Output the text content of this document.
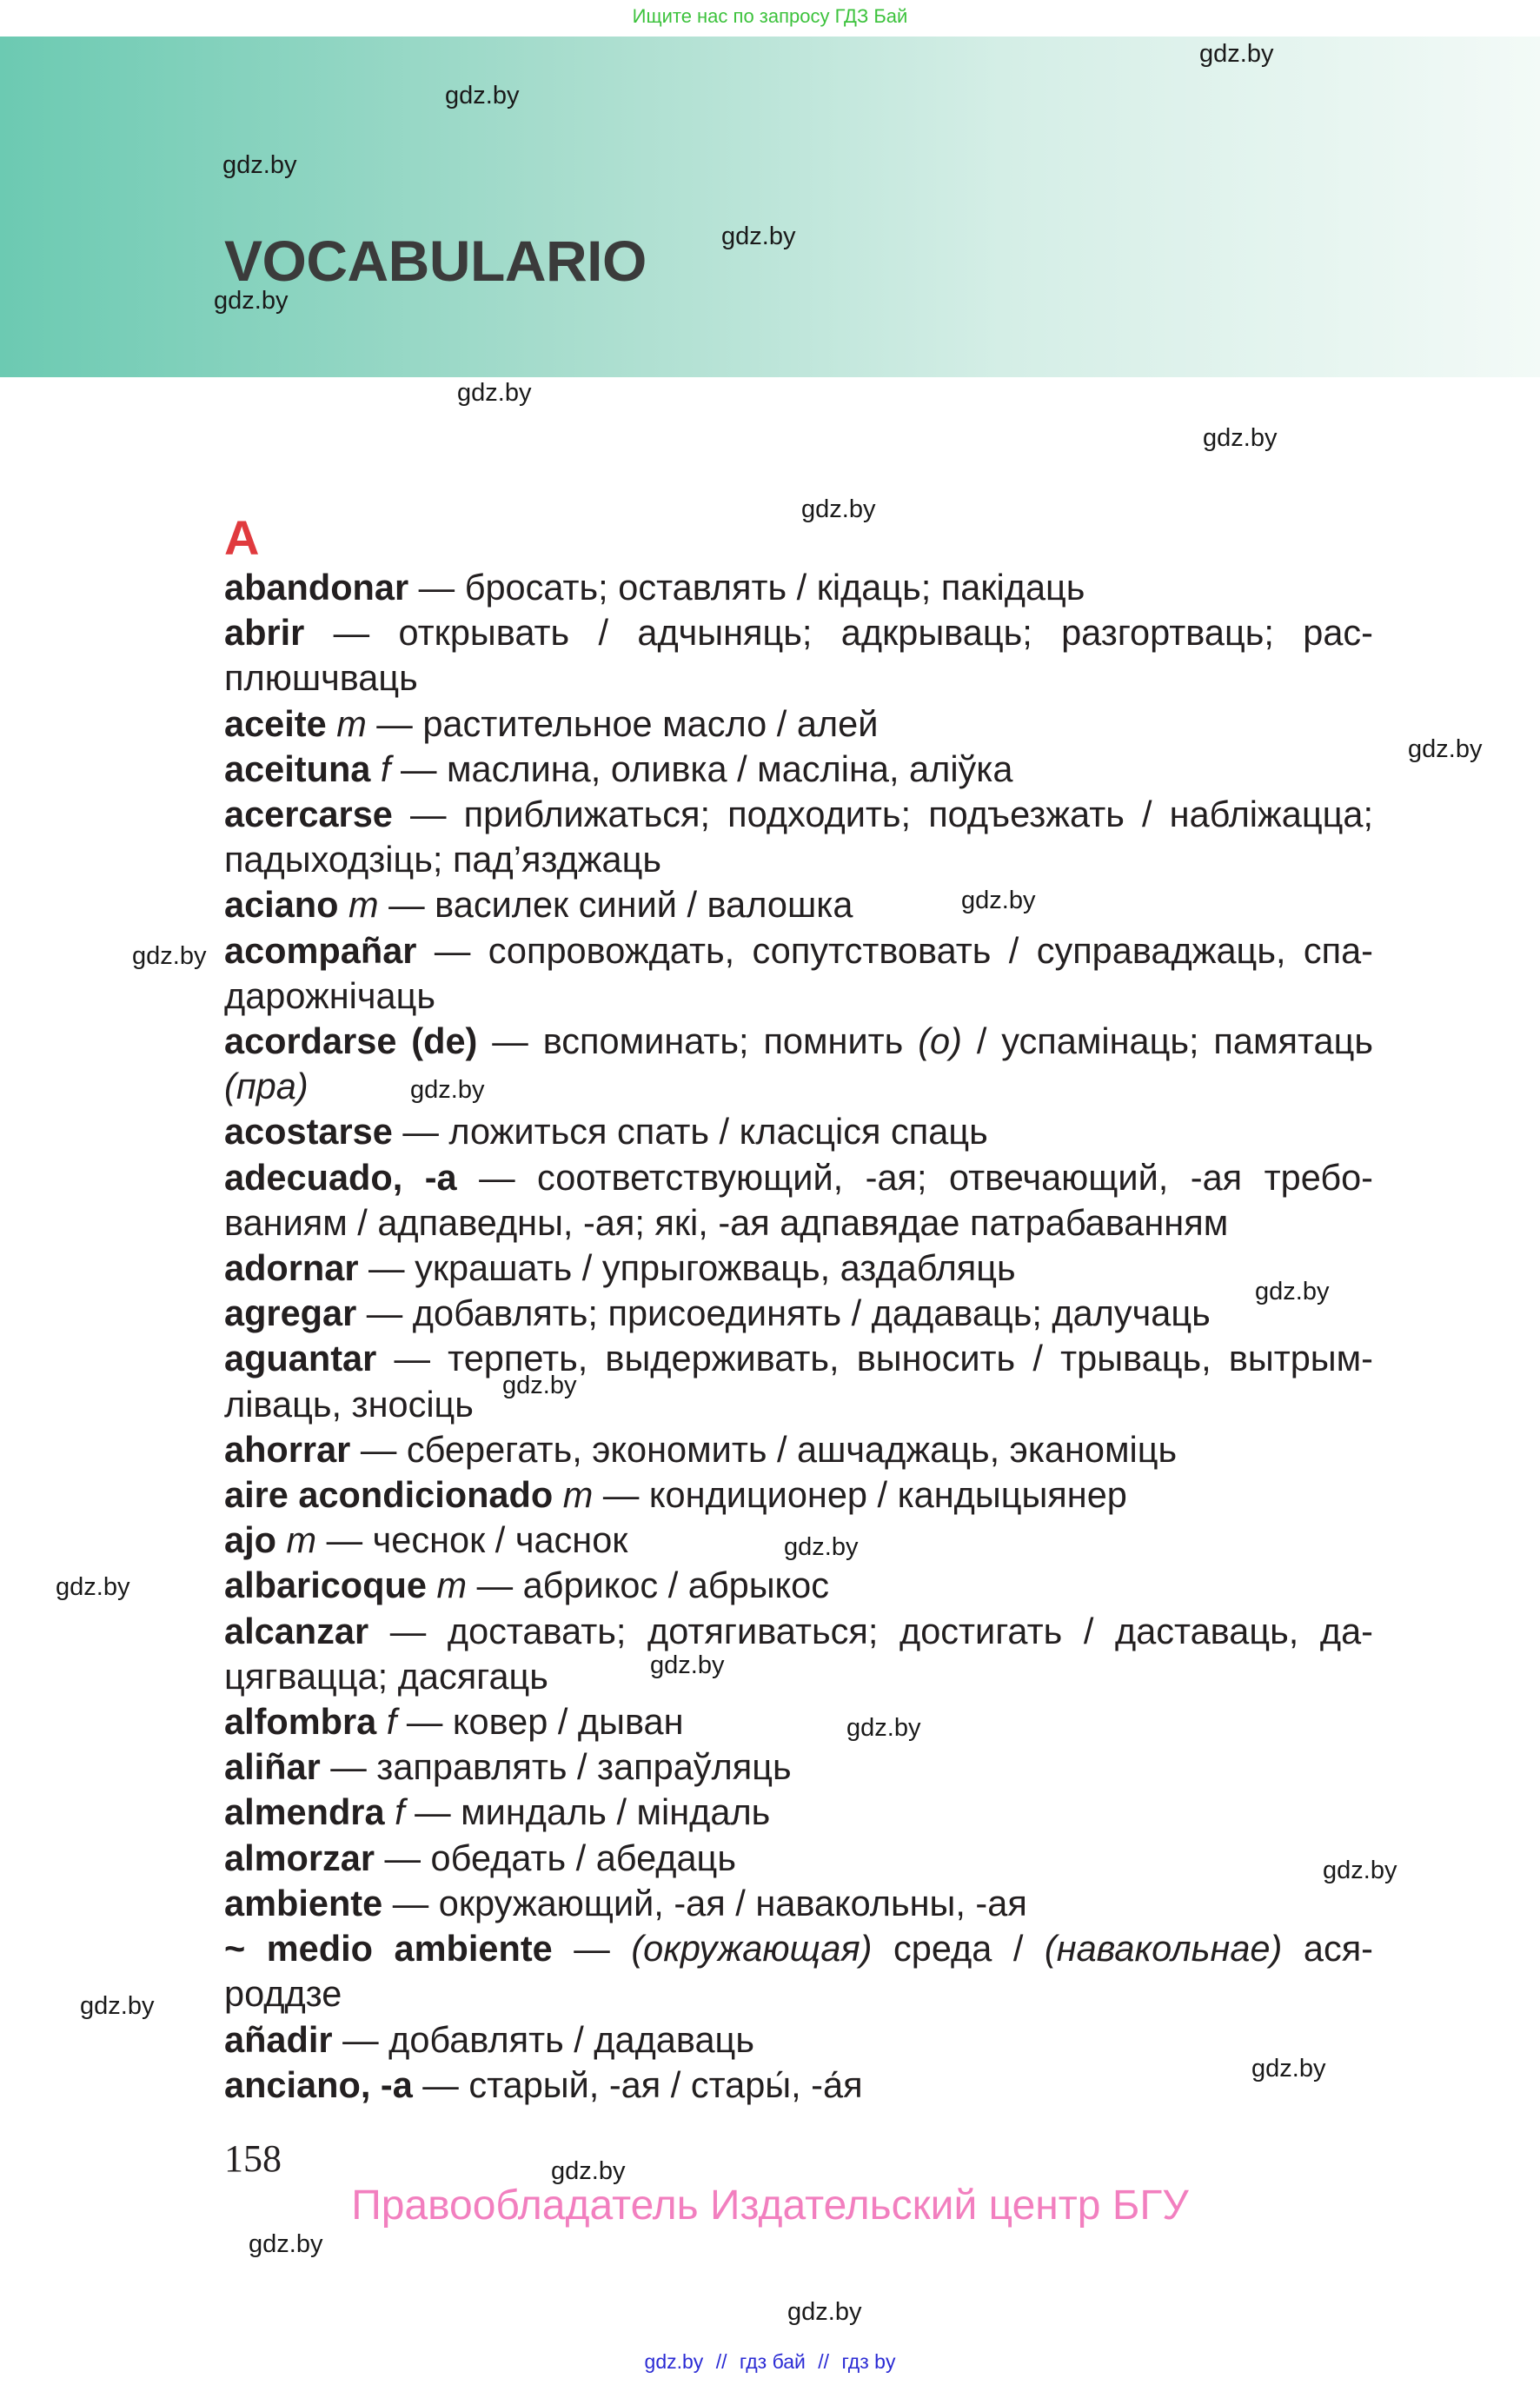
Ищите нас по запросу ГДЗ Бай
VOCABULARIO
A

abandonar — бросать; оставлять / кідаць; пакідаць

abrir — открывать / адчыняць; адкрываць; разгортваць; расплюшчваць

aceite m — растительное масло / алей

aceituna f — маслина, оливка / масліна, аліўка

acercarse — приближаться; подходить; подъезжать / набліжацца; падыходзіць; пад’язджаць

aciano m — василек синий / валошка

acompañar — сопровождать, сопутствовать / суправаджаць, спадарожнічаць

acordarse (de) — вспоминать; помнить (о) / успамінаць; памятаць (пра)

acostarse — ложиться спать / класціся спаць

adecuado, -a — соответствующий, -ая; отвечающий, -ая требованиям / адпаведны, -ая; які, -ая адпавядае патрабаванням

adornar — украшать / упрыгожваць, аздабляць

agregar — добавлять; присоединять / дадаваць; далучаць

aguantar — терпеть, выдерживать, выносить / трываць, вытрымліваць, зносіць

ahorrar — сберегать, экономить / ашчаджаць, эканоміць

aire acondicionado m — кондиционер / кандыцыянер

ajo m — чеснок / часнок

albaricoque m — абрикос / абрыкос

alcanzar — доставать; дотягиваться; достигать / даставаць, дацягвацца; дасягаць

alfombra f — ковер / дыван

aliñar — заправлять / запраўляць

almendra f — миндаль / міндаль

almorzar — обедать / абедаць

ambiente — окружающий, -ая / навакольны, -ая

~ medio ambiente — (окружающая) среда / (навакольнае) асяроддзе

añadir — добавлять / дадаваць

anciano, -a — старый, -ая / стары́, -а́я

158
Правообладатель Издательский центр БГУ
gdz.by
gdz.by
gdz.by
gdz.by
gdz.by
gdz.by
gdz.by
gdz.by
gdz.by
gdz.by
gdz.by
gdz.by
gdz.by
gdz.by
gdz.by
gdz.by
gdz.by
gdz.by
gdz.by
gdz.by
gdz.by
gdz.by
gdz.by
gdz.by
gdz.by // гдз бай // гдз by
